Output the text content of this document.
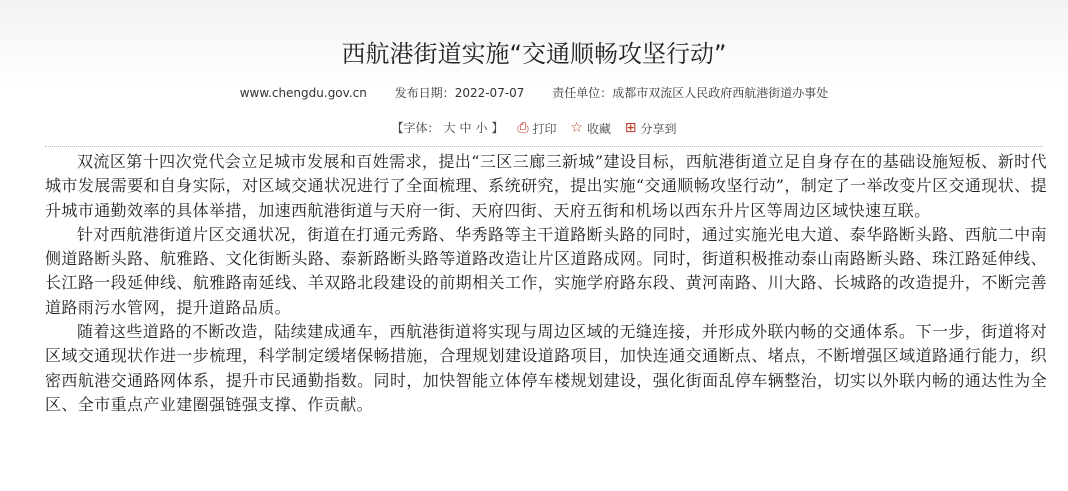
西航港街道实施“交通顺畅攻坚行动”
www.chengdu.gov.cn 发布日期：2022-07-07 责任单位：成都市双流区人民政府西航港街道办事处
【字体： 大 中 小 】
⎙ 打印
☆ 收藏
⊞ 分享到

双流区第十四次党代会立足城市发展和百姓需求，提出“三区三廊三新城”建设目标，西航港街道立足自身存在的基础设施短板、新时代城市发展需要和自身实际，对区域交通状况进行了全面梳理、系统研究，提出实施“交通顺畅攻坚行动”，制定了一举改变片区交通现状、提升城市通勤效率的具体举措，加速西航港街道与天府一街、天府四街、天府五街和机场以西东升片区等周边区域快速互联。

针对西航港街道片区交通状况，街道在打通元秀路、华秀路等主干道路断头路的同时，通过实施光电大道、泰华路断头路、西航二中南侧道路断头路、航雅路、文化街断头路、泰新路断头路等道路改造让片区道路成网。同时，街道积极推动泰山南路断头路、珠江路延伸线、长江路一段延伸线、航雅路南延线、羊双路北段建设的前期相关工作，实施学府路东段、黄河南路、川大路、长城路的改造提升，不断完善道路雨污水管网，提升道路品质。

随着这些道路的不断改造，陆续建成通车，西航港街道将实现与周边区域的无缝连接，并形成外联内畅的交通体系。下一步，街道将对区域交通现状作进一步梳理，科学制定缓堵保畅措施，合理规划建设道路项目，加快连通交通断点、堵点，不断增强区域道路通行能力，织密西航港交通路网体系，提升市民通勤指数。同时，加快智能立体停车楼规划建设，强化街面乱停车辆整治，切实以外联内畅的通达性为全区、全市重点产业建圈强链强支撑、作贡献。
